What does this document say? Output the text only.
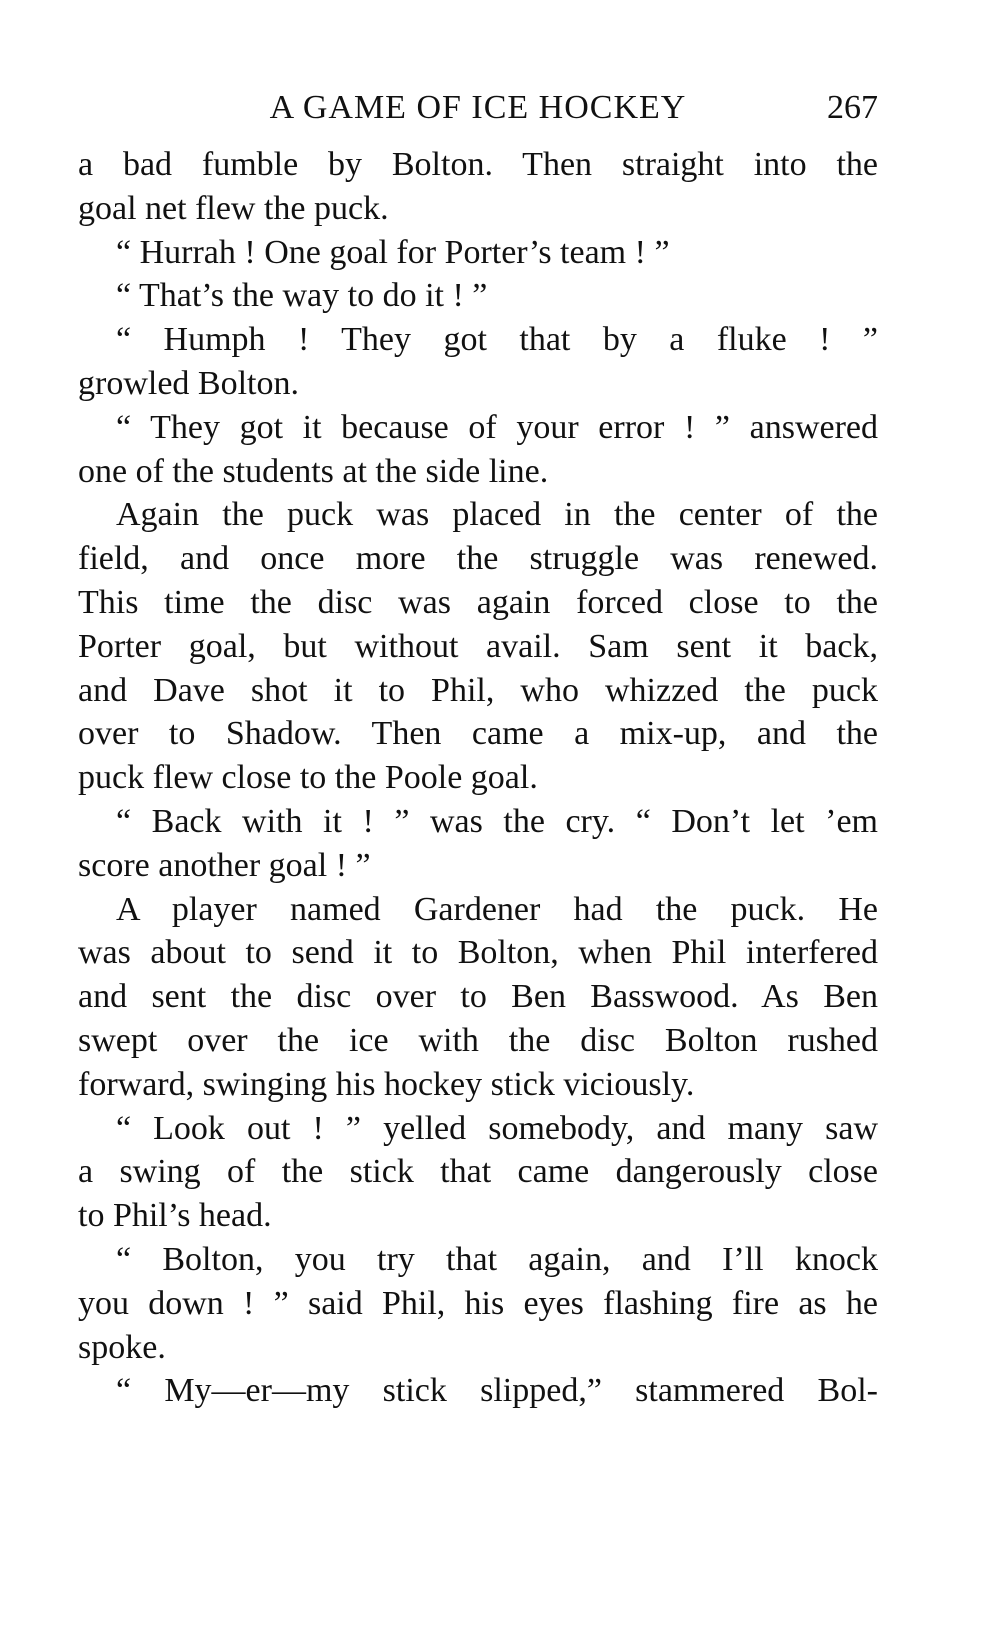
A GAME OF ICE HOCKEY	267
a bad fumble by Bolton. Then straight into the
goal net flew the puck.
“ Hurrah ! One goal for Porter’s team ! ”
“ That’s the way to do it ! ”
“ Humph ! They got that by a fluke ! ”
growled Bolton.
“ They got it because of your error ! ” answered
one of the students at the side line.
Again the puck was placed in the center of the
field, and once more the struggle was renewed.
This time the disc was again forced close to the
Porter goal, but without avail. Sam sent it back,
and Dave shot it to Phil, who whizzed the puck
over to Shadow. Then came a mix-up, and the
puck flew close to the Poole goal.
“ Back with it ! ” was the cry. “ Don’t let ’em
score another goal ! ”
A player named Gardener had the puck. He
was about to send it to Bolton, when Phil interfered
and sent the disc over to Ben Basswood. As Ben
swept over the ice with the disc Bolton rushed
forward, swinging his hockey stick viciously.
“ Look out ! ” yelled somebody, and many saw
a swing of the stick that came dangerously close
to Phil’s head.
“ Bolton, you try that again, and I’ll knock
you down ! ” said Phil, his eyes flashing fire as he
spoke.
“ My—er—my stick slipped,” stammered Bol-
